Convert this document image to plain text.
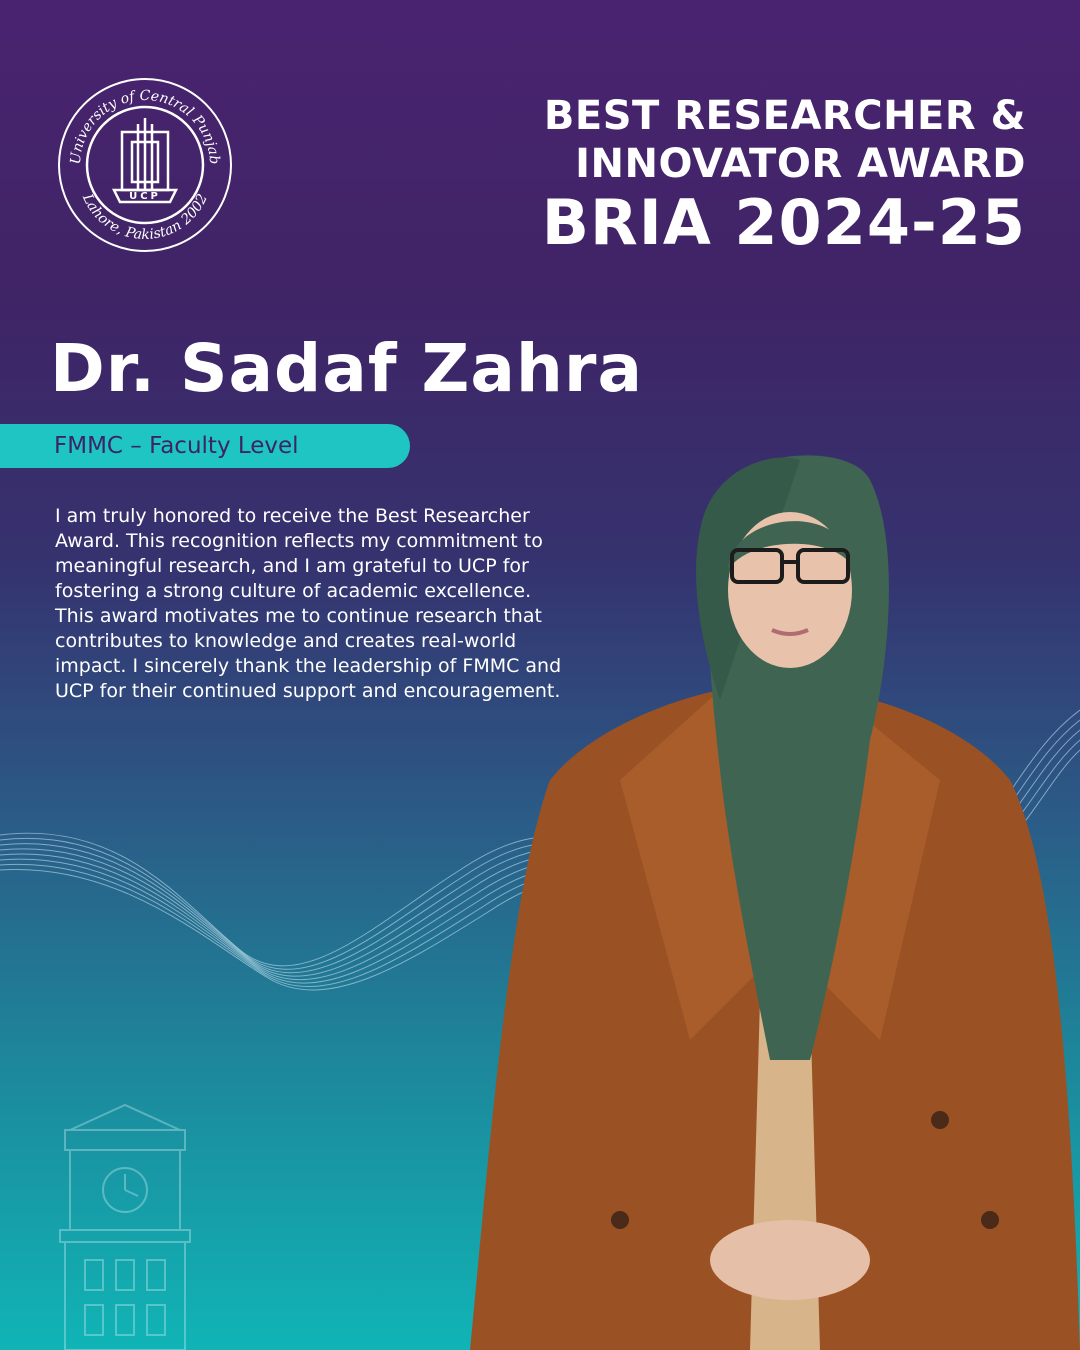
University of Central Punjab
Lahore, Pakistan 2002
UCP
BEST RESEARCHER &
INNOVATOR AWARD
BRIA 2024-25
Dr. Sadaf Zahra
FMMC – Faculty Level

I am truly honored to receive the Best Researcher Award. This recognition reflects my commitment to meaningful research, and I am grateful to UCP for fostering a strong culture of academic excellence.

This award motivates me to continue research that contributes to knowledge and creates real-world impact. I sincerely thank the leadership of FMMC and UCP for their continued support and encouragement.
